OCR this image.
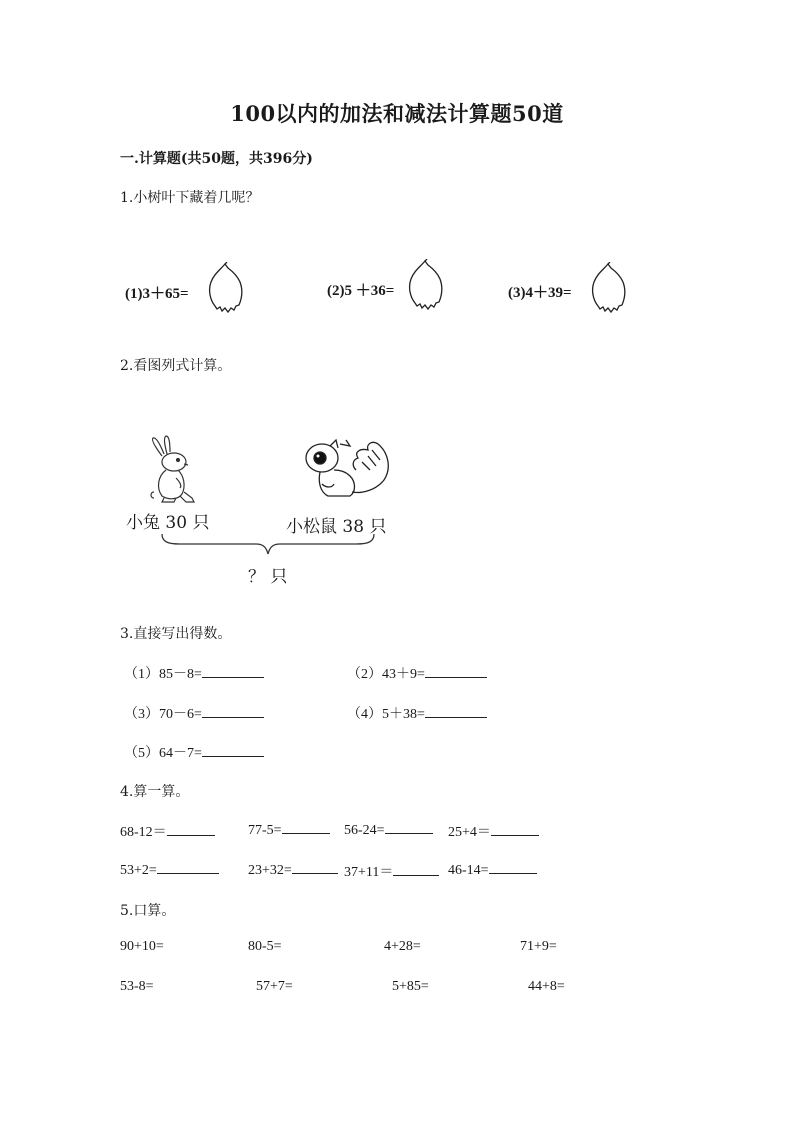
100以内的加法和减法计算题50道
一.计算题(共50题，共396分)
1.小树叶下藏着几呢？
(1)3＋65=	(2)5 ＋36=	(3)4＋39=
2.看图列式计算。
小兔 30 只	小松鼠 38 只
？ 只
3.直接写出得数。
（1）85－8=	（2）43＋9=
（3）70－6=	（4）5＋38=
（5）64－7=
4.算一算。
68-12＝	77-5=	56-24=	25+4＝
53+2=	23+32=	37+11＝	46-14=
5.口算。
90+10=	80-5=	4+28=	71+9=
53-8=	57+7=	5+85=	44+8=
